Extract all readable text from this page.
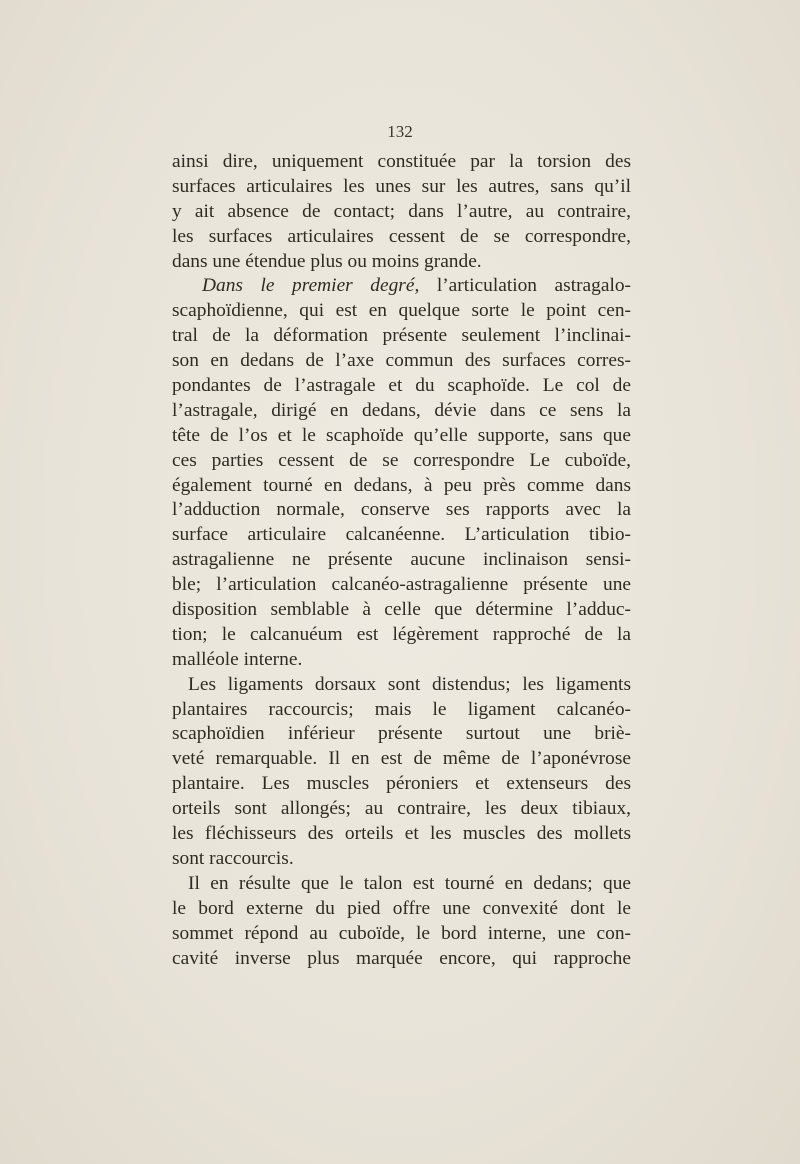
132
ainsi dire, uniquement constituée par la torsion des
surfaces articulaires les unes sur les autres, sans qu’il
y ait absence de contact; dans l’autre, au contraire,
les surfaces articulaires cessent de se correspondre,
dans une étendue plus ou moins grande.
Dans le premier degré, l’articulation astragalo-
scaphoïdienne, qui est en quelque sorte le point cen-
tral de la déformation présente seulement l’inclinai-
son en dedans de l’axe commun des surfaces corres-
pondantes de l’astragale et du scaphoïde. Le col de
l’astragale, dirigé en dedans, dévie dans ce sens la
tête de l’os et le scaphoïde qu’elle supporte, sans que
ces parties cessent de se correspondre Le cuboïde,
également tourné en dedans, à peu près comme dans
l’adduction normale, conserve ses rapports avec la
surface articulaire calcanéenne. L’articulation tibio-
astragalienne ne présente aucune inclinaison sensi-
ble; l’articulation calcanéo-astragalienne présente une
disposition semblable à celle que détermine l’adduc-
tion; le calcanuéum est légèrement rapproché de la
malléole interne.
Les ligaments dorsaux sont distendus; les ligaments
plantaires raccourcis; mais le ligament calcanéo-
scaphoïdien inférieur présente surtout une briè-
veté remarquable. Il en est de même de l’aponévrose
plantaire. Les muscles péroniers et extenseurs des
orteils sont allongés; au contraire, les deux tibiaux,
les fléchisseurs des orteils et les muscles des mollets
sont raccourcis.
Il en résulte que le talon est tourné en dedans; que
le bord externe du pied offre une convexité dont le
sommet répond au cuboïde, le bord interne, une con-
cavité inverse plus marquée encore, qui rapproche
